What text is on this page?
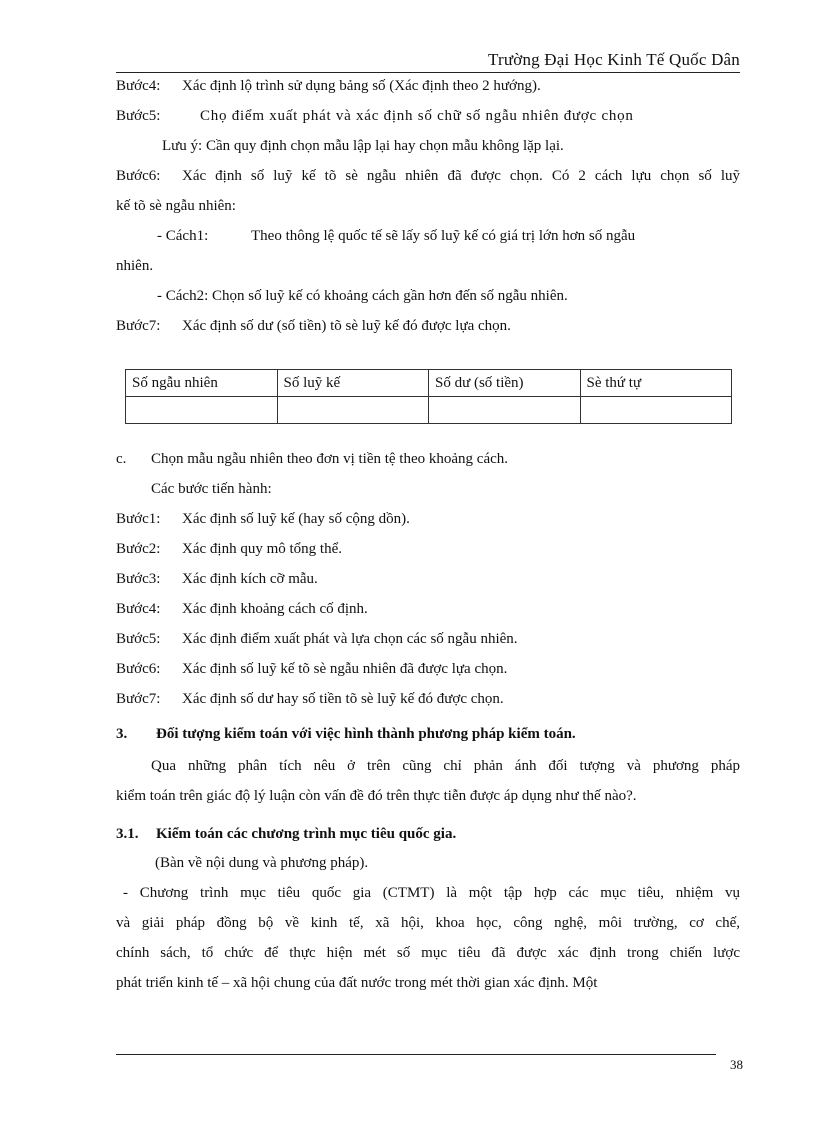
Trường Đại Học Kinh Tế Quốc Dân
Bước4: Xác định lộ trình sử dụng bảng số (Xác định theo 2 hướng).
Bước5:	Chọ điểm xuất phát và xác định số chữ số ngẫu nhiên được chọn
Lưu ý: Cần quy định chọn mẫu lập lại hay chọn mẫu không lặp lại.
Bước6: Xác định số luỹ kế tõ sè ngẫu nhiên đã được chọn. Có 2 cách lựu chọn số luỹ
kế tõ sè ngẫu nhiên:
- Cách1:	Theo thông lệ quốc tế sẽ lấy số luỹ kế có giá trị lớn hơn số ngẫu
nhiên.
- Cách2: Chọn số luỹ kế có khoảng cách gần hơn đến số ngẫu nhiên.
Bước7: Xác định số dư (số tiền) tõ sè luỹ kế đó được lựa chọn.
Số ngẫu nhiên	Số luỹ kế	Số dư (số tiền)	Sè thứ tự

c. Chọn mẫu ngẫu nhiên theo đơn vị tiền tệ theo khoảng cách.
Các bước tiến hành:
Bước1: Xác định số luỹ kế (hay số cộng dồn).
Bước2: Xác định quy mô tổng thể.
Bước3: Xác định kích cỡ mẫu.
Bước4: Xác định khoảng cách cố định.
Bước5: Xác định điểm xuất phát và lựa chọn các số ngẫu nhiên.
Bước6: Xác định số luỹ kế tõ sè ngẫu nhiên đã được lựa chọn.
Bước7: Xác định số dư hay số tiền tõ sè luỹ kế đó được chọn.
3. Đối tượng kiểm toán với việc hình thành phương pháp kiểm toán.
Qua những phân tích nêu ở trên cũng chỉ phản ánh đối tượng và phương pháp
kiểm toán trên giác độ lý luận còn vấn đề đó trên thực tiễn được áp dụng như thế nào?.
3.1. Kiểm toán các chương trình mục tiêu quốc gia.
(Bàn về nội dung và phương pháp).
- Chương trình mục tiêu quốc gia (CTMT) là một tập hợp các mục tiêu, nhiệm vụ
và giải pháp đồng bộ về kinh tế, xã hội, khoa học, công nghệ, môi trường, cơ chế,
chính sách, tổ chức để thực hiện mét số mục tiêu đã được xác định trong chiến lược
phát triển kinh tế – xã hội chung của đất nước trong mét thời gian xác định. Một
38
